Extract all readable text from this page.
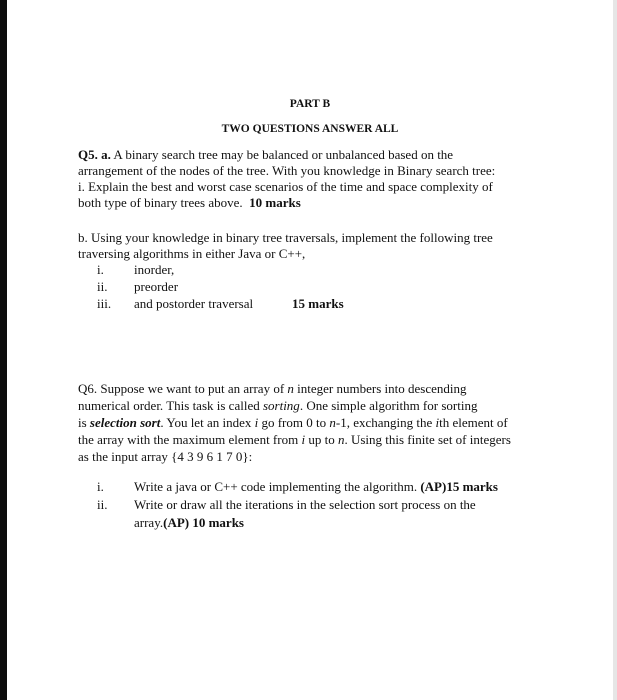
PART B
TWO QUESTIONS ANSWER ALL
Q5. a. A binary search tree may be balanced or unbalanced based on the
arrangement of the nodes of the tree. With you knowledge in Binary search tree:
i. Explain the best and worst case scenarios of the time and space complexity of
both type of binary trees above. 10 marks
b. Using your knowledge in binary tree traversals, implement the following tree
traversing algorithms in either Java or C++,
i. inorder,
ii. preorder
iii. and postorder traversal	15 marks
Q6. Suppose we want to put an array of n integer numbers into descending
numerical order. This task is called sorting. One simple algorithm for sorting
is selection sort. You let an index i go from 0 to n-1, exchanging the ith element of
the array with the maximum element from i up to n. Using this finite set of integers
as the input array {4 3 9 6 1 7 0}:
i. Write a java or C++ code implementing the algorithm. (AP)15 marks
ii. Write or draw all the iterations in the selection sort process on the
array.(AP) 10 marks
